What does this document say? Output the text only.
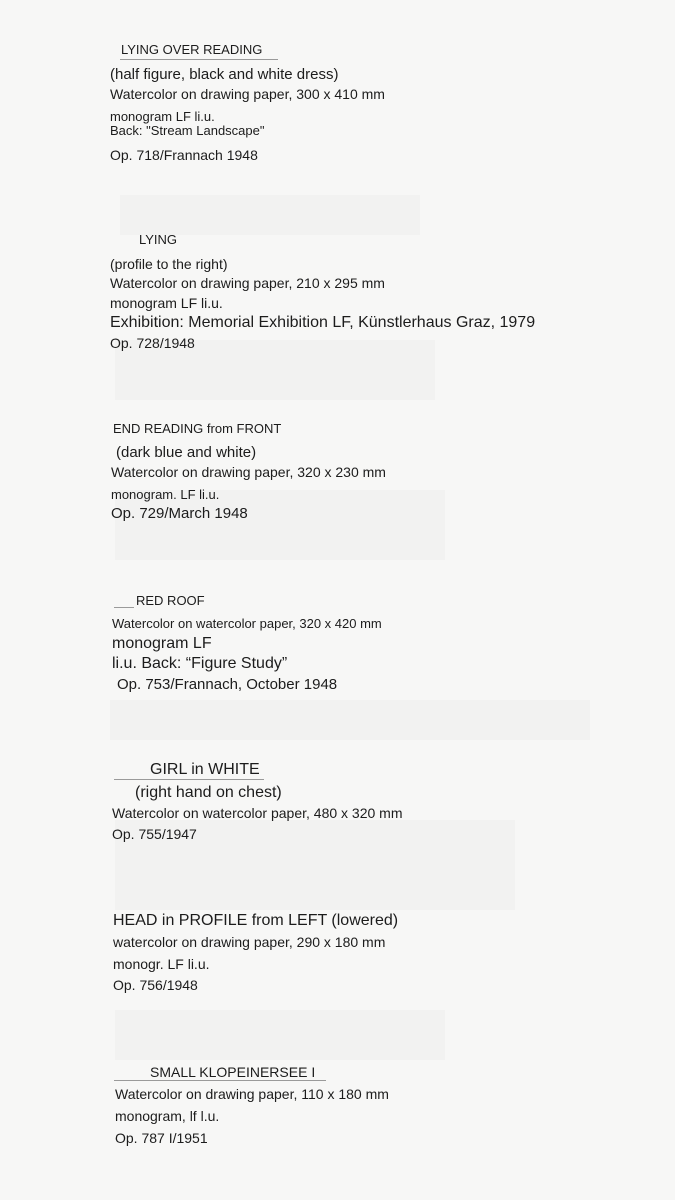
LYING OVER READING
(half figure, black and white dress)
Watercolor on drawing paper, 300 x 410 mm
monogram LF li.u.
Back: "Stream Landscape"
Op. 718/Frannach 1948
LYING
(profile to the right)
Watercolor on drawing paper, 210 x 295 mm
monogram LF li.u.
Exhibition: Memorial Exhibition LF, Künstlerhaus Graz, 1979
Op. 728/1948
END READING from FRONT
(dark blue and white)
Watercolor on drawing paper, 320 x 230 mm
monogram. LF li.u.
Op. 729/March 1948
RED ROOF
Watercolor on watercolor paper, 320 x 420 mm
monogram LF
li.u. Back: “Figure Study”
Op. 753/Frannach, October 1948
GIRL in WHITE
(right hand on chest)
Watercolor on watercolor paper, 480 x 320 mm
Op. 755/1947
HEAD in PROFILE from LEFT (lowered)
watercolor on drawing paper, 290 x 180 mm
monogr. LF li.u.
Op. 756/1948
SMALL KLOPEINERSEE I
Watercolor on drawing paper, 110 x 180 mm
monogram, lf l.u.
Op. 787 I/1951
